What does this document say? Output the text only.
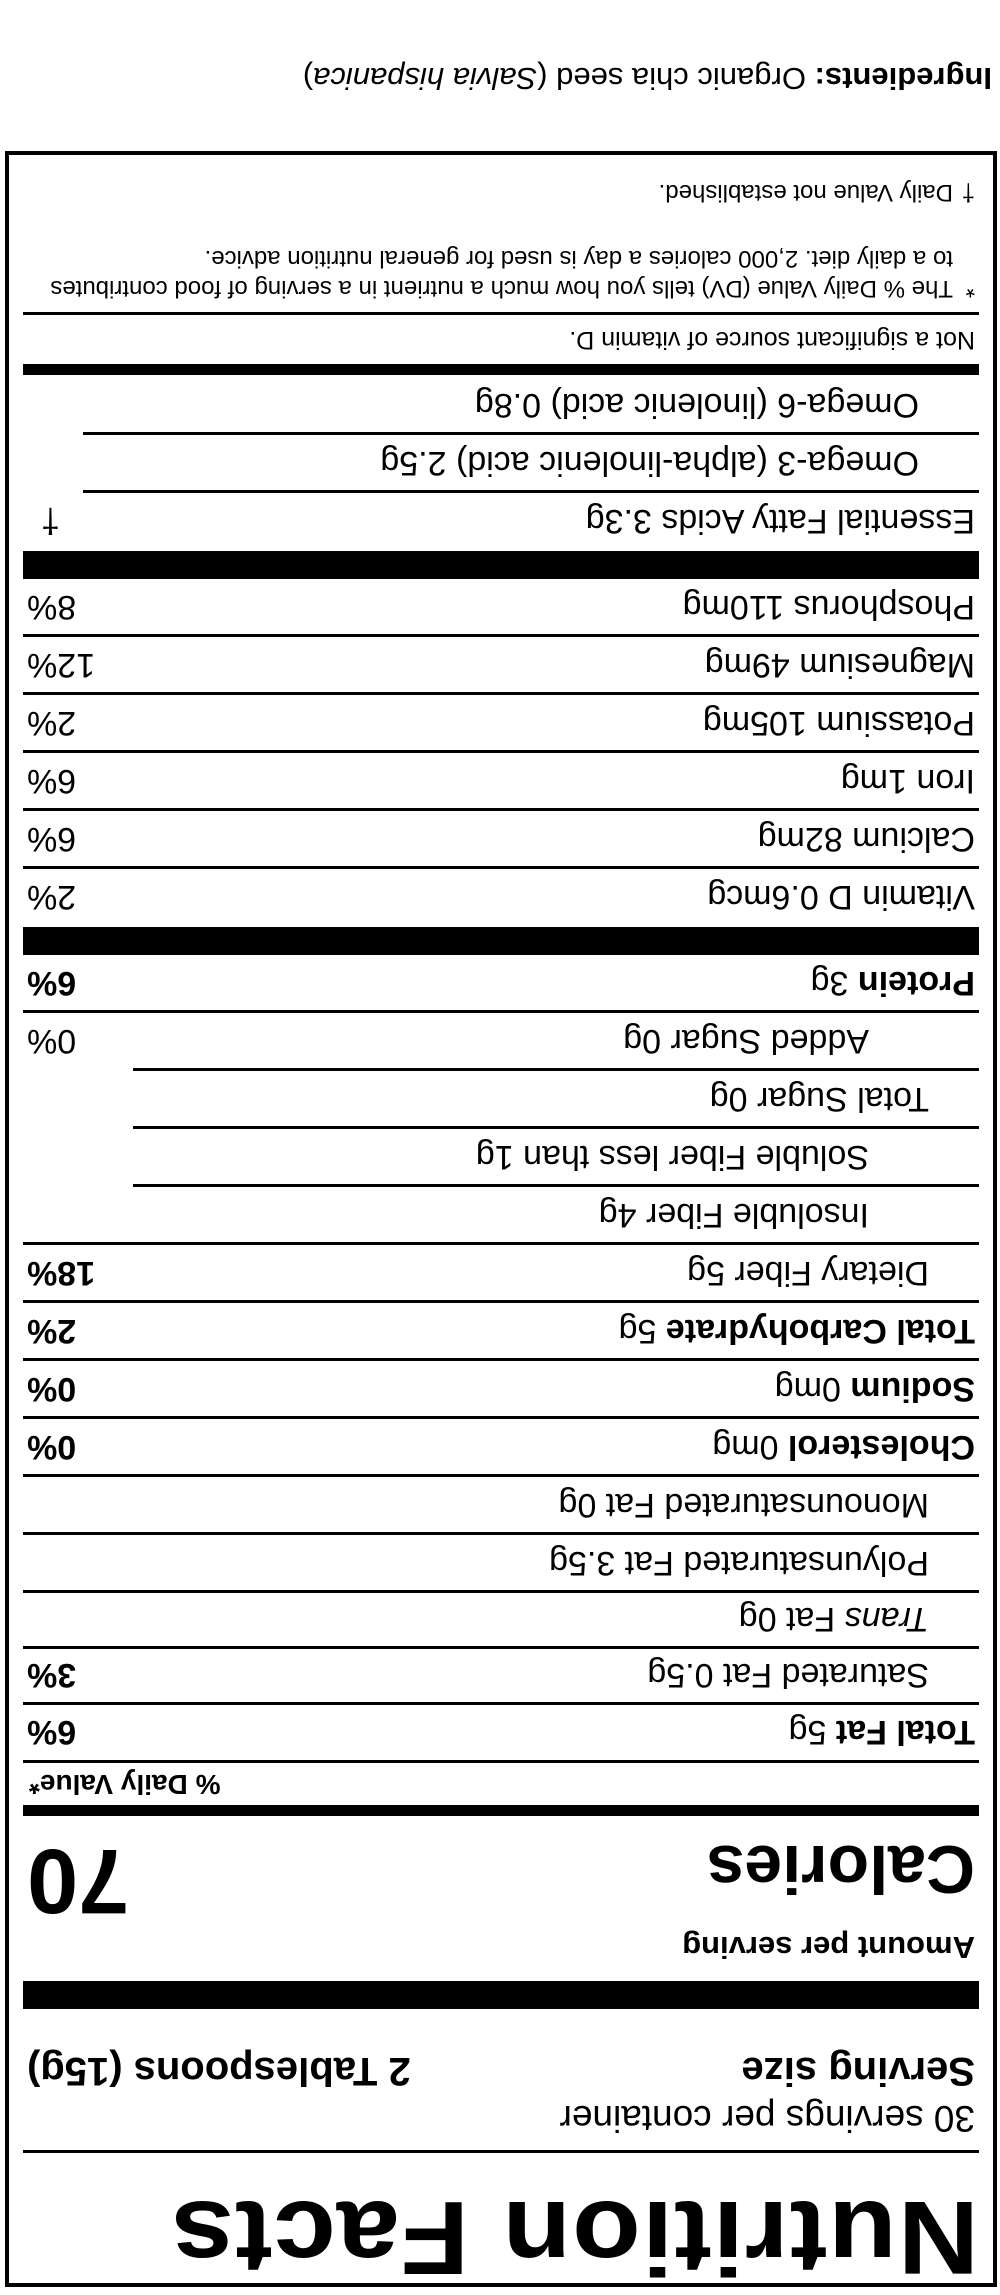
Nutrition Facts
30 servings per container
Serving size
2 Tablespoons (15g)
Amount per serving
Calories
70
% Daily Value*
Total Fat 5g
6%
Saturated Fat 0.5g
3%
Trans Fat 0g
Polyunsaturated Fat 3.5g
Monounsaturated Fat 0g
Cholesterol 0mg
0%
Sodium 0mg
0%
Total Carbohydrate 5g
2%
Dietary Fiber 5g
18%
Insoluble Fiber 4g
Soluble Fiber less than 1g
Total Sugar 0g
Added Sugar 0g
0%
Protein 3g
6%
Vitamin D 0.6mcg
2%
Calcium 82mg
6%
Iron 1mg
6%
Potassium 105mg
2%
Magnesium 49mg
12%
Phosphorus 110mg
8%
Essential Fatty Acids 3.3g
†
Omega-3 (alpha-linolenic acid) 2.5g
Omega-6 (linolenic acid) 0.8g
Not a significant source of vitamin D.
*
The % Daily Value (DV) tells you how much a nutrient in a serving of food contributes to a daily diet. 2,000 calories a day is used for general nutrition advice.
†
Daily Value not established.
Ingredients: Organic chia seed (Salvia hispanica)
